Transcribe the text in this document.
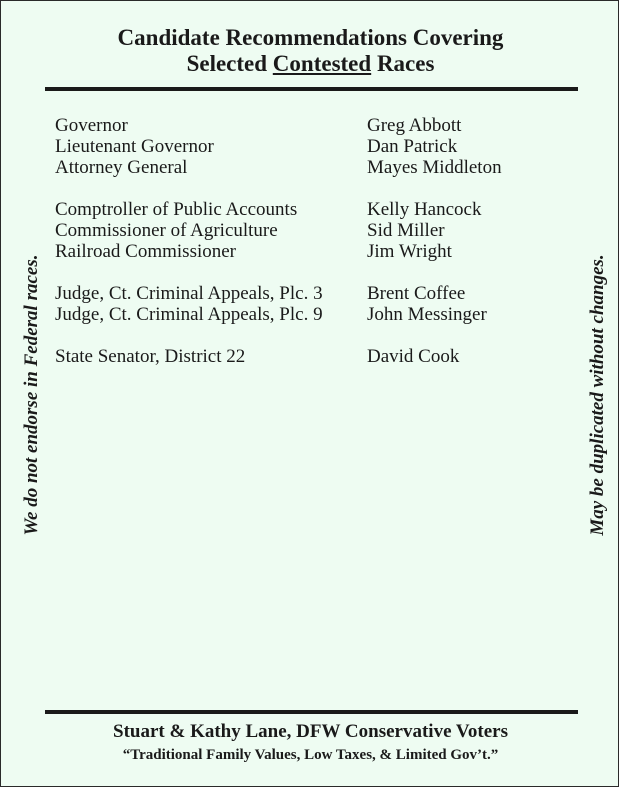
Candidate Recommendations Covering
Selected Contested Races
Governor	Greg Abbott
Lieutenant Governor	Dan Patrick
Attorney General	Mayes Middleton
Comptroller of Public Accounts	Kelly Hancock
Commissioner of Agriculture	Sid Miller
Railroad Commissioner	Jim Wright
Judge, Ct. Criminal Appeals, Plc. 3 Brent Coffee
Judge, Ct. Criminal Appeals, Plc. 9 John Messinger
State Senator, District 22	David Cook
We do not endorse in Federal races.	May be duplicated without changes.
Stuart & Kathy Lane, DFW Conservative Voters
“Traditional Family Values, Low Taxes, & Limited Gov’t.”
